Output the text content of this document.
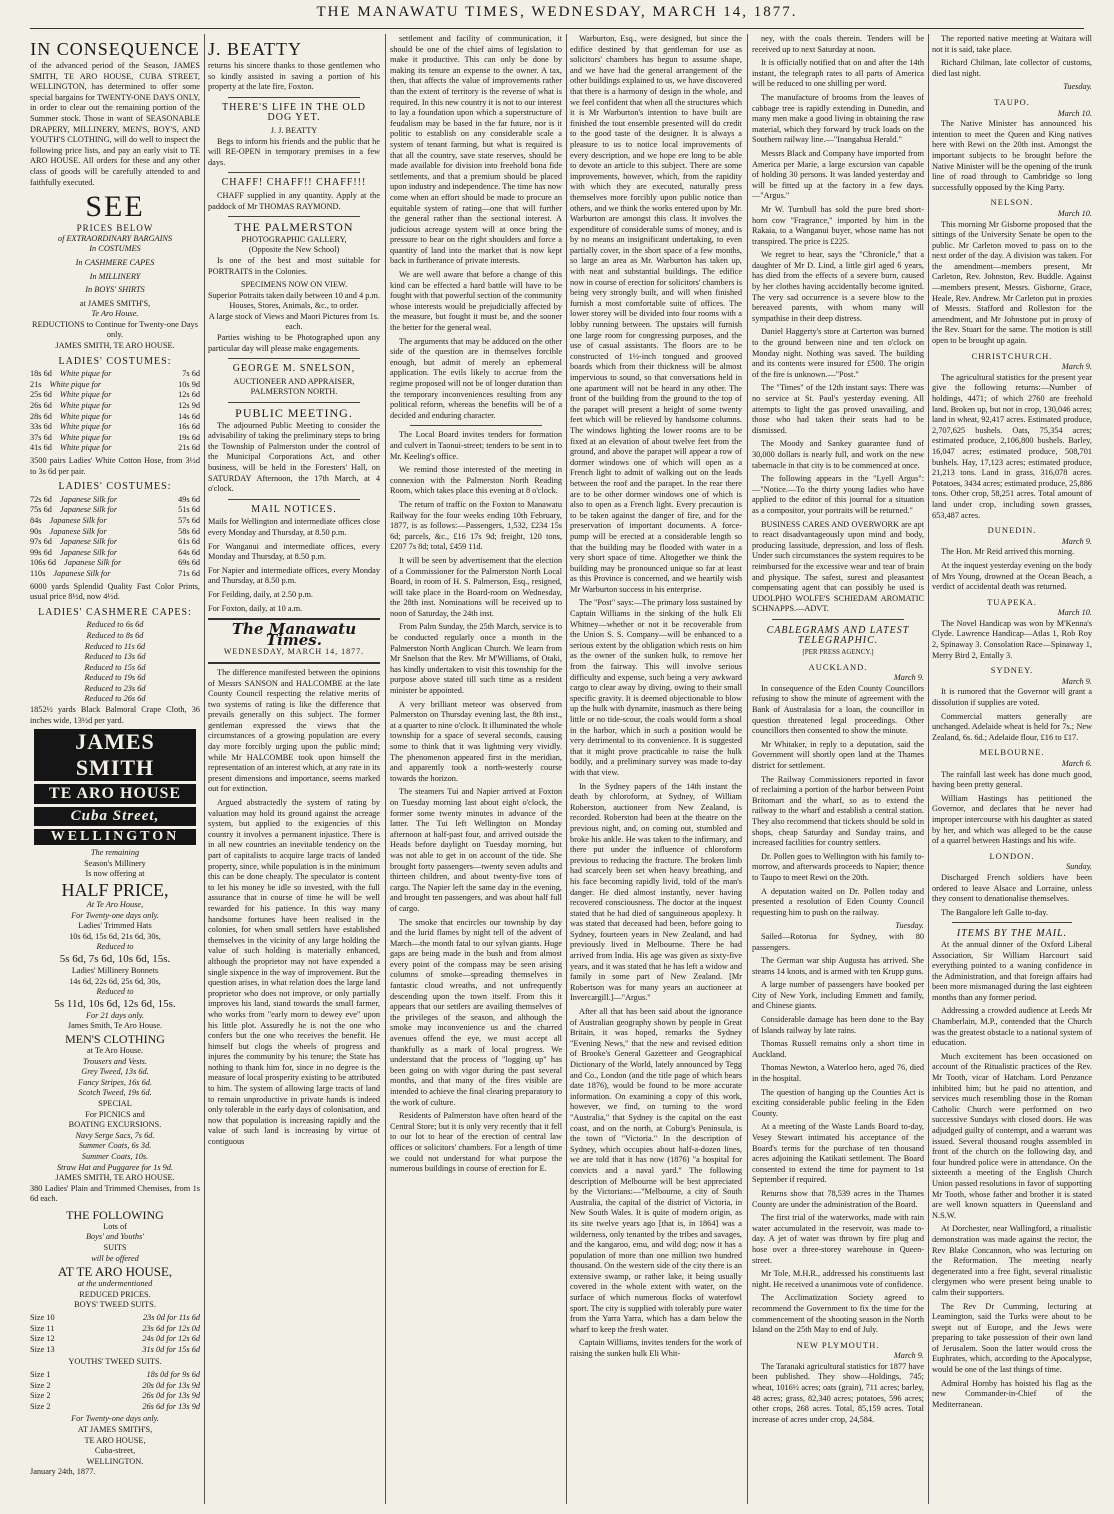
THE MANAWATU TIMES, WEDNESDAY, MARCH 14, 1877.
IN CONSEQUENCE

of the advanced period of the Season, JAMES SMITH, TE ARO HOUSE, CUBA STREET, WELLINGTON, has determined to offer some special bargains for TWENTY-ONE DAYS ONLY, in order to clear out the remaining portion of the Summer stock. Those in want of SEASONABLE DRAPERY, MILLINERY, MEN'S, BOY'S, AND YOUTH'S CLOTHING, will do well to inspect the following price lists, and pay an early visit to TE ARO HOUSE. All orders for these and any other class of goods will be carefully attended to and faithfully executed.

SEE
PRICES BELOW
of EXTRAORDINARY BARGAINS

In COSTUMES

In CASHMERE CAPES

In MILLINERY

In BOYS' SHIRTS

at JAMES SMITH'S,
Te Aro House.
REDUCTIONS to Continue for Twenty-one Days only.
JAMES SMITH, TE ARO HOUSE.
LADIES' COSTUMES:
18s 6d White pique for	7s 6d
21s White pique for	10s 9d
25s 6d White pique for	12s 6d
26s 6d White pique for	12s 9d
28s 6d White pique for	14s 6d
33s 6d White pique for	16s 6d
37s 6d White pique for	19s 6d
41s 6d White pique for	21s 6d

3500 pairs Ladies' White Cotton Hose, from 3½d to 3s 6d per pair.

LADIES' COSTUMES:
72s 6d Japanese Silk for	49s 6d
75s 6d Japanese Silk for	51s 6d
84s Japanese Silk for	57s 6d
90s Japanese Silk for	58s 6d
97s 6d Japanese Silk for	61s 6d
99s 6d Japanese Silk for	64s 6d
106s 6d Japanese Silk for	69s 6d
110s Japanese Silk for	71s 6d

6000 yards Splendid Quality Fast Color Prints, usual price 8½d, now 4½d.

LADIES' CASHMERE CAPES:
Reduced to 6s 6d
Reduced to 8s 6d
Reduced to 11s 6d
Reduced to 13s 6d
Reduced to 15s 6d
Reduced to 19s 6d
Reduced to 23s 6d
Reduced to 26s 6d

1852½ yards Black Balmoral Crape Cloth, 36 inches wide, 13½d per yard.

JAMES SMITH
TE ARO HOUSE
Cuba Street,
WELLINGTON
The remaining
Season's Millinery
Is now offering at
HALF PRICE,
At Te Aro House,
For Twenty-one days only.
Ladies' Trimmed Hats
10s 6d, 15s 6d, 21s 6d, 30s,
Reduced to
5s 6d, 7s 6d, 10s 6d, 15s.
Ladies' Millinery Bonnets
14s 6d, 22s 6d, 25s 6d, 30s,
Reduced to
5s 11d, 10s 6d, 12s 6d, 15s.
For 21 days only.
James Smith, Te Aro House.
MEN'S CLOTHING
at Te Aro House.
Trousers and Vests.
Grey Tweed, 13s 6d.
Fancy Stripes, 16s 6d.
Scotch Tweed, 19s 6d.
SPECIAL
For PICNICS and
BOATING EXCURSIONS.
Navy Serge Sacs, 7s 6d.
Summer Coats, 6s 3d.
Summer Coats, 10s.
Straw Hat and Puggaree for 1s 9d.
JAMES SMITH, TE ARO HOUSE.

380 Ladies' Plain and Trimmed Chemises, from 1s 6d each.

THE FOLLOWING
Lots of
Boys' and Youths'
SUITS
will be offered
AT TE ARO HOUSE,
at the undermentioned
REDUCED PRICES.
BOYS' TWEED SUITS.
Size 10	23s 0d for 11s 6d
Size 11	23s 6d for 12s 0d
Size 12	24s 0d for 12s 6d
Size 13	31s 0d for 15s 6d
YOUTHS' TWEED SUITS.
Size 1	18s 0d for 9s 6d
Size 2	20s 0d for 13s 9d
Size 2	26s 0d for 13s 9d
Size 2	26s 6d for 13s 9d
For Twenty-one days only.
AT JAMES SMITH'S,
TE ARO HOUSE,
Cuba-street,
WELLINGTON.
January 24th, 1877.
J. BEATTY

returns his sincere thanks to those gentlemen who so kindly assisted in saving a portion of his property at the late fire, Foxton.

THERE'S LIFE IN THE OLD DOG YET.
J. J. BEATTY

Begs to inform his friends and the public that he will RE-OPEN in temporary premises in a few days.

CHAFF! CHAFF!! CHAFF!!!

CHAFF supplied in any quantity. Apply at the paddock of Mr THOMAS RAYMOND.

THE PALMERSTON
PHOTOGRAPHIC GALLERY,
(Opposite the New School)

Is one of the best and most suitable for PORTRAITS in the Colonies.

SPECIMENS NOW ON VIEW.
Superior Potraits taken daily between 10 and 4 p.m.
Houses, Stores, Animals, &c., to order.
A large stock of Views and Maori Pictures from 1s. each.

Parties wishing to be Photographed upon any particular day will please make engagements.

GEORGE M. SNELSON,
AUCTIONEER AND APPRAISER,
PALMERSTON NORTH.
PUBLIC MEETING.

The adjourned Public Meeting to consider the advisability of taking the preliminary steps to bring the Township of Palmerston under the control of the Municipal Corporations Act, and other business, will be held in the Foresters' Hall, on SATURDAY Afternoon, the 17th March, at 4 o'clock.

MAIL NOTICES.

Mails for Wellington and intermediate offices close every Monday and Thursday, at 8.50 p.m.

For Wanganui and intermediate offices, every Monday and Thursday, at 8.50 p.m.

For Napier and intermediate offices, every Monday and Thursday, at 8.50 p.m.

For Feilding, daily, at 2.50 p.m.

For Foxton, daily, at 10 a.m.

The Manawatu Times.
WEDNESDAY, MARCH 14, 1877.

The difference manifested between the opinions of Messrs SANSON and HALCOMBE at the late County Council respecting the relative merits of two systems of rating is like the difference that prevails generally on this subject. The former gentleman expressed the views that the circumstances of a growing population are every day more forcibly urging upon the public mind; while Mr HALCOMBE took upon himself the representation of an interest which, at any rate in its present dimensions and importance, seems marked out for extinction.

Argued abstractedly the system of rating by valuation may hold its ground against the acreage system, but applied to the exigencies of this country it involves a permanent injustice. There is in all new countries an inevitable tendency on the part of capitalists to acquire large tracts of landed property, since, while population is in the minimum this can be done cheaply. The speculator is content to let his money be idle so invested, with the full assurance that in course of time he will be well rewarded for his patience. In this way many handsome fortunes have been realised in the colonies, for when small settlers have established themselves in the vicinity of any large holding the value of such holding is materially enhanced, although the proprietor may not have expended a single sixpence in the way of improvement. But the question arises, in what relation does the large land proprietor who does not improve, or only partially improves his land, stand towards the small farmer, who works from "early morn to dewey eve" upon his little plot. Assuredly he is not the one who confers but the one who receives the benefit. He himself but clogs the wheels of progress and injures the community by his tenure; the State has nothing to thank him for, since in no degree is the measure of local prosperity existing to be attributed to him. The system of allowing large tracts of land to remain unproductive in private hands is indeed only tolerable in the early days of colonisation, and now that population is increasing rapidly and the value of such land is increasing by virtue of contiguous

settlement and facility of communication, it should be one of the chief aims of legislation to make it productive. This can only be done by making its tenure an expense to the owner. A tax, then, that affects the value of improvements rather than the extent of territory is the reverse of what is required. In this new country it is not to our interest to lay a foundation upon which a superstructure of feudalism may be based in the far future, nor is it politic to establish on any considerable scale a system of tenant farming, but what is required is that all the country, save state reserves, should be made available for division into freehold bona fide settlements, and that a premium should be placed upon industry and independence. The time has now come when an effort should be made to procure an equitable system of rating—one that will further the general rather than the sectional interest. A judicious acreage system will at once bring the pressure to bear on the right shoulders and force a quantity of land into the market that is now kept back in furtherance of private interests.

We are well aware that before a change of this kind can be effected a hard battle will have to be fought with that powerful section of the community whose interests would be prejudicially affected by the measure, but fought it must be, and the sooner the better for the general weal.

The arguments that may be adduced on the other side of the question are in themselves forcible enough, but admit of merely an ephemeral application. The evils likely to accrue from the regime proposed will not be of longer duration than the temporary inconveniences resulting from any political reform, whereas the benefits will be of a decided and enduring character.

The Local Board invites tenders for formation and culvert in Taonui-street; tenders to be sent in to Mr. Keeling's office.

We remind those interested of the meeting in connexion with the Palmerston North Reading Room, which takes place this evening at 8 o'clock.

The return of traffic on the Foxton to Manawatu Railway for the four weeks ending 10th February, 1877, is as follows:—Passengers, 1,532, £234 15s 6d; parcels, &c., £16 17s 9d; freight, 120 tons, £207 7s 8d; total, £459 11d.

It will be seen by advertisement that the election of a Commissioner for the Palmerston North Local Board, in room of H. S. Palmerson, Esq., resigned, will take place in the Board-room on Wednesday, the 28th inst. Nominations will be received up to noon of Saturday, the 24th inst.

From Palm Sunday, the 25th March, service is to be conducted regularly once a month in the Palmerston North Anglican Church. We learn from Mr Snelson that the Rev. Mr M'Williams, of Otaki, has kindly undertaken to visit this township for the purpose above stated till such time as a resident minister be appointed.

A very brilliant meteor was observed from Palmerston on Thursday evening last, the 8th inst., at a quarter to nine o'clock. It illuminated the whole township for a space of several seconds, causing some to think that it was lightning very vividly. The phenomenon appeared first in the meridian, and apparently took a north-westerly course towards the horizon.

The steamers Tui and Napier arrived at Foxton on Tuesday morning last about eight o'clock, the former some twenty minutes in advance of the latter. The Tui left Wellington on Monday afternoon at half-past four, and arrived outside the Heads before daylight on Tuesday morning, but was not able to get in on account of the tide. She brought forty passengers—twenty seven adults and thirteen children, and about twenty-five tons of cargo. The Napier left the same day in the evening, and brought ten passengers, and was about half full of cargo.

The smoke that encircles our township by day and the lurid flames by night tell of the advent of March—the month fatal to our sylvan giants. Huge gaps are being made in the bush and from almost every point of the compass may be seen arising columns of smoke—spreading themselves in fantastic cloud wreaths, and not unfrequently descending upon the town itself. From this it appears that our settlers are availing themselves of the privileges of the season, and although the smoke may inconvenience us and the charred avenues offend the eye, we must accept all thankfully as a mark of local progress. We understand that the process of "logging up" has been going on with vigor during the past several months, and that many of the fires visible are intended to achieve the final clearing preparatory to the work of culture.

Residents of Palmerston have often heard of the Central Store; but it is only very recently that it fell to our lot to hear of the erection of central law offices or solicitors' chambers. For a length of time we could not understand for what purpose the numerous buildings in course of erection for E.

Warburton, Esq., were designed, but since the edifice destined by that gentleman for use as solicitors' chambers has begun to assume shape, and we have had the general arrangement of the other buildings explained to us, we have discovered that there is a harmony of design in the whole, and we feel confident that when all the structures which it is Mr Warburton's intention to have built are finished the tout ensemble presented will do credit to the good taste of the designer. It is always a pleasure to us to notice local improvements of every description, and we hope ere long to be able to devote an article to this subject. There are some improvements, however, which, from the rapidity with which they are executed, naturally press themselves more forcibly upon public notice than others, and we think the works entered upon by Mr. Warburton are amongst this class. It involves the expenditure of considerable sums of money, and is by no means an insignificant undertaking, to even partially cover, in the short space of a few months, so large an area as Mr. Warburton has taken up, with neat and substantial buildings. The edifice now in course of erection for solicitors' chambers is being very strongly built, and will when finished furnish a most comfortable suite of offices. The lower storey will be divided into four rooms with a lobby running between. The upstairs will furnish one large room for congressing purposes, and the use of casual assistants. The floors are to be constructed of 1½-inch tongued and grooved boards which from their thickness will be almost impervious to sound, so that conversations held in one apartment will not be heard in any other. The front of the building from the ground to the top of the parapet will present a height of some twenty feet which will be relieved by handsome columns. The windows lighting the lower rooms are to be fixed at an elevation of about twelve feet from the ground, and above the parapet will appear a row of dormer windows one of which will open as a French light to admit of walking out on the leads between the roof and the parapet. In the rear there are to be other dormer windows one of which is also to open as a French light. Every precaution is to be taken against the danger of fire, and for the preservation of important documents. A force-pump will be erected at a considerable length so that the building may be flooded with water in a very short space of time. Altogether we think the building may be pronounced unique so far at least as this Province is concerned, and we heartily wish Mr Warburton success in his enterprise.

The "Post" says:—The primary loss sustained by Captain Williams in the sinking of the hulk Eli Whitney—whether or not it be recoverable from the Union S. S. Company—will be enhanced to a serious extent by the obligation which rests on him as the owner of the sunken hulk, to remove her from the fairway. This will involve serious difficulty and expense, such being a very awkward cargo to clear away by diving, owing to their small specific gravity. It is deemed objectionable to blow up the hulk with dynamite, inasmuch as there being little or no tide-scour, the coals would form a shoal in the harbor, which in such a position would be very detrimental to its convenience. It is suggested that it might prove practicable to raise the hulk bodily, and a preliminary survey was made to-day with that view.

In the Sydney papers of the 14th instant the death by chloroform, at Sydney, of William Roberston, auctioneer from New Zealand, is recorded. Roberston had been at the theatre on the previous night, and, on coming out, stumbled and broke his ankle. He was taken to the infirmary, and there put under the influence of chloroform previous to reducing the fracture. The broken limb had scarcely been set when heavy breathing, and his face becoming rapidly livid, told of the man's danger. He died almost instantly, never having recovered consciousness. The doctor at the inquest stated that he had died of sanguineous apoplexy. It was stated that deceased had been, before going to Sydney, fourteen years in New Zealand, and had previously lived in Melbourne. There he had arrived from India. His age was given as sixty-five years, and it was stated that he has left a widow and family in some part of New Zealand. [Mr Robertson was for many years an auctioneer at Invercargill.]—"Argus."

After all that has been said about the ignorance of Australian geography shown by people in Great Britain, it was hoped, remarks the Sydney "Evening News," that the new and revised edition of Brooke's General Gazetteer and Geographical Dictionary of the World, lately announced by Tegg and Co., London (and the title page of which bears date 1876), would be found to be more accurate information. On examining a copy of this work, however, we find, on turning to the word "Australia," that Sydney is the capital on the east coast, and on the north, at Coburg's Peninsula, is the town of "Victoria." In the description of Sydney, which occupies about half-a-dozen lines, we are told that it has now (1876) "a hospital for convicts and a naval yard." The following description of Melbourne will be best appreciated by the Victorians:—"Melbourne, a city of South Australia, the capital of the district of Victoria, in New South Wales. It is quite of modern origin, as its site twelve years ago [that is, in 1864] was a wilderness, only tenanted by the tribes and savages, and the kangaroo, emu, and wild dog; now it has a population of more than one million two hundred thousand. On the western side of the city there is an extensive swamp, or rather lake, it being usually covered in the whole extent with water, on the surface of which numerous flocks of waterfowl sport. The city is supplied with tolerably pure water from the Yarra Yarra, which has a dam below the wharf to keep the fresh water.

Captain Williams, invites tenders for the work of raising the sunken hulk Eli Whit-

ney, with the coals therein. Tenders will be received up to next Saturday at noon.

It is officially notified that on and after the 14th instant, the telegraph rates to all parts of America will be reduced to one shilling per word.

The manufacture of brooms from the leaves of cabbage tree is rapidly extending in Dunedin, and many men make a good living in obtaining the raw material, which they forward by truck loads on the Southern railway line.—"Inangahua Herald."

Messrs Black and Company have imported from America per Marie, a large excursion van capable of holding 30 persons. It was landed yesterday and will be fitted up at the factory in a few days.—"Argus."

Mr W. Turnbull has sold the pure bred short-horn cow "Fragrance," imported by him in the Rakaia, to a Wanganui buyer, whose name has not transpired. The price is £225.

We regret to hear, says the "Chronicle," that a daughter of Mr D. Lind, a little girl aged 6 years, has died from the effects of a severe burn, caused by her clothes having accidentally become ignited. The very sad occurrence is a severe blow to the bereaved parents, with whom many will sympathise in their deep distress.

Daniel Haggerty's store at Carterton was burned to the ground between nine and ten o'clock on Monday night. Nothing was saved. The building and its contents were insured for £500. The origin of the fire is unknown.—"Post."

The "Times" of the 12th instant says: There was no service at St. Paul's yesterday evening. All attempts to light the gas proved unavailing, and those who had taken their seats had to be dismissed.

The Moody and Sankey guarantee fund of 30,000 dollars is nearly full, and work on the new tabernacle in that city is to be commenced at once.

The following appears in the "Lyell Argus":—"Notice.—To the thirty young ladies who have applied to the editor of this journal for a situation as a compositor, your portraits will be returned."

BUSINESS CARES AND OVERWORK are apt to react disadvantageously upon mind and body, producing lassitude, depression, and loss of flesh. Under such circumstances the system requires to be reimbursed for the excessive wear and tear of brain and physique. The safest, surest and pleasantest compensating agent that can possibly be used is UDOLPHO WOLFE'S SCHIEDAM AROMATIC SCHNAPPS.—ADVT.

CABLEGRAMS AND LATEST TELEGRAPHIC.
[PER PRESS AGENCY.]
AUCKLAND.
March 9.

In consequence of the Eden County Councillors refusing to show the minute of agreement with the Bank of Australasia for a loan, the councillor in question threatened legal proceedings. Other councillors then consented to show the minute.

Mr Whitaker, in reply to a deputation, said the Government will shortly open land at the Thames district for settlement.

The Railway Commissioners reported in favor of reclaiming a portion of the harbor between Point Britomart and the wharf, so as to extend the railway to the wharf and establish a central station. They also recommend that tickets should be sold in shops, cheap Saturday and Sunday trains, and increased facilities for country settlers.

Dr. Pollen goes to Wellington with his family to-morrow, and afterwards proceeds to Napier; thence to Taupo to meet Rewi on the 20th.

A deputation waited on Dr. Pollen today and presented a resolution of Eden County Council requesting him to push on the railway.

Tuesday.

Sailed—Rotorua for Sydney, with 80 passengers.

The German war ship Augusta has arrived. She steams 14 knots, and is armed with ten Krupp guns.

A large number of passengers have booked per City of New York, including Emmett and family, and Chinese giants.

Considerable damage has been done to the Bay of Islands railway by late rains.

Thomas Russell remains only a short time in Auckland.

Thomas Newton, a Waterloo hero, aged 76, died in the hospital.

The question of hanging up the Counties Act is exciting considerable public feeling in the Eden County.

At a meeting of the Waste Lands Board to-day, Vesey Stewart intimated his acceptance of the Board's terms for the purchase of ten thousand acres adjoining the Katikati settlement. The Board consented to extend the time for payment to 1st September if required.

Returns show that 78,539 acres in the Thames County are under the administration of the Board.

The first trial of the waterworks, made with rain water accumulated in the reservoir, was made to-day. A jet of water was thrown by fire plug and hose over a three-storey warehouse in Queen-street.

Mr Tole, M.H.R., addressed his constituents last night. He received a unanimous vote of confidence.

The Acclimatization Society agreed to recommend the Government to fix the time for the commencement of the shooting season in the North Island on the 25th May to end of July.

NEW PLYMOUTH.
March 9.

The Taranaki agricultural statistics for 1877 have been published. They show—Holdings, 745; wheat, 1016½ acres; oats (grain), 711 acres; barley, 48 acres; grass, 82,340 acres; potatoes, 596 acres; other crops, 268 acres. Total, 85,159 acres. Total increase of acres under crop, 24,584.

The reported native meeting at Waitara will not it is said, take place.

Richard Chilman, late collector of customs, died last night.

Tuesday.
TAUPO.
March 10.

The Native Minister has announced his intention to meet the Queen and King natives here with Rewi on the 20th inst. Amongst the important subjects to be brought before the Native Minister will be the opening of the trunk line of road through to Cambridge so long successfully opposed by the King Party.

NELSON.
March 10.

This morning Mr Gisborne proposed that the sittings of the University Senate be open to the public. Mr Carleton moved to pass on to the next order of the day. A division was taken. For the amendment—members present, Mr Carleton, Rev. Johnston, Rev. Buddle. Against—members present, Messrs. Gisborne, Grace, Heale, Rev. Andrew. Mr Carleton put in proxies of Messrs. Stafford and Rolleston for the amendment, and Mr Johnstone put in proxy of the Rev. Stuart for the same. The motion is still open to be brought up again.

CHRISTCHURCH.
March 9.

The agricultural statistics for the present year give the following returns:—Number of holdings, 4471; of which 2760 are freehold land. Broken up, but not in crop, 130,046 acres; land in wheat, 92,417 acres. Estimated produce, 2,707,625 bushels. Oats, 75,354 acres; estimated produce, 2,106,800 bushels. Barley, 16,047 acres; estimated produce, 508,701 bushels. Hay, 17,123 acres; estimated produce, 21,213 tons. Land in grass, 316,078 acres. Potatoes, 3434 acres; estimated produce, 25,886 tons. Other crop, 58,251 acres. Total amount of land under crop, including sown grasses, 653,487 acres.

DUNEDIN.
March 9.

The Hon. Mr Reid arrived this morning.

At the inquest yesterday evening on the body of Mrs Young, drowned at the Ocean Beach, a verdict of accidental death was returned.

TUAPEKA.
March 10.

The Novel Handicap was won by M'Kenna's Clyde. Lawrence Handicap—Atlas 1, Rob Roy 2, Spinaway 3. Consolation Race—Spinaway 1, Merry Bird 2, Entally 3.

SYDNEY.
March 9.

It is rumored that the Governor will grant a dissolution if supplies are voted.

Commercial matters generally are unchanged. Adelaide wheat is held for 7s.; New Zealand, 6s. 6d.; Adelaide flour, £16 to £17.

MELBOURNE.
March 6.

The rainfall last week has done much good, having been pretty general.

William Hastings has petitioned the Governor, and declares that he never had improper intercourse with his daughter as stated by her, and which was alleged to be the cause of a quarrel between Hastings and his wife.

LONDON.
Sunday.

Discharged French soldiers have been ordered to leave Alsace and Lorraine, unless they consent to denationalise themselves.

The Bangalore left Galle to-day.

ITEMS BY THE MAIL.

At the annual dinner of the Oxford Liberal Association, Sir William Harcourt said everything pointed to a waning confidence in the Administration, and that foreign affairs had been more mismanaged during the last eighteen months than any former period.

Addressing a crowded audience at Leeds Mr Chamberlain, M.P., contended that the Church was the greatest obstacle to a national system of education.

Much excitement has been occasioned on account of the Ritualistic practices of the Rev. Mr Tooth, vicar of Hatcham. Lord Penzance inhibited him; but he paid no attention, and services much resembling those in the Roman Catholic Church were performed on two successive Sundays with closed doors. He was adjudged guilty of contempt, and a warrant was issued. Several thousand roughs assembled in front of the church on the following day, and four hundred police were in attendance. On the sixteenth a meeting of the English Church Union passed resolutions in favor of supporting Mr Tooth, whose father and brother it is stated are well known squatters in Queensland and N.S.W.

At Dorchester, near Wallingford, a ritualistic demonstration was made against the rector, the Rev Blake Concannon, who was lecturing on the Reformation. The meeting nearly degenerated into a free fight, several ritualistic clergymen who were present being unable to calm their supporters.

The Rev Dr Cumming, lecturing at Leamington, said the Turks were about to be swept out of Europe, and the Jews were preparing to take possession of their own land of Jerusalem. Soon the latter would cross the Euphrates, which, according to the Apocalypse, would be one of the last things of time.

Admiral Hornby has hoisted his flag as the new Commander-in-Chief of the Mediterranean.
